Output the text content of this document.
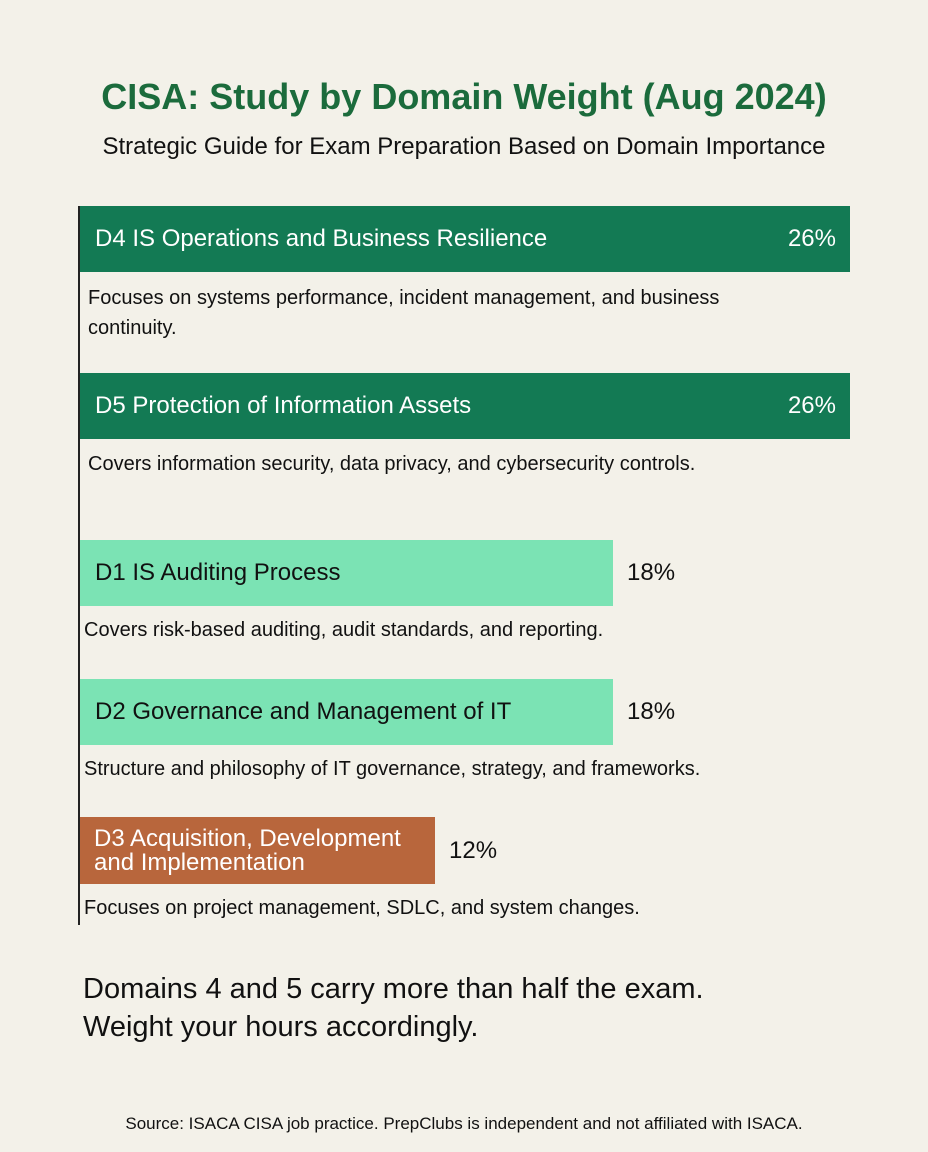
CISA: Study by Domain Weight (Aug 2024)
Strategic Guide for Exam Preparation Based on Domain Importance
D4 IS Operations and Business Resilience	26%
Focuses on systems performance, incident management, and business continuity.
D5 Protection of Information Assets	26%
Covers information security, data privacy, and cybersecurity controls.
D1 IS Auditing Process	18%
Covers risk-based auditing, audit standards, and reporting.
D2 Governance and Management of IT	18%
Structure and philosophy of IT governance, strategy, and frameworks.
D3 Acquisition, Development and Implementation	12%
Focuses on project management, SDLC, and system changes.
Domains 4 and 5 carry more than half the exam.
Weight your hours accordingly.
Source: ISACA CISA job practice. PrepClubs is independent and not affiliated with ISACA.
